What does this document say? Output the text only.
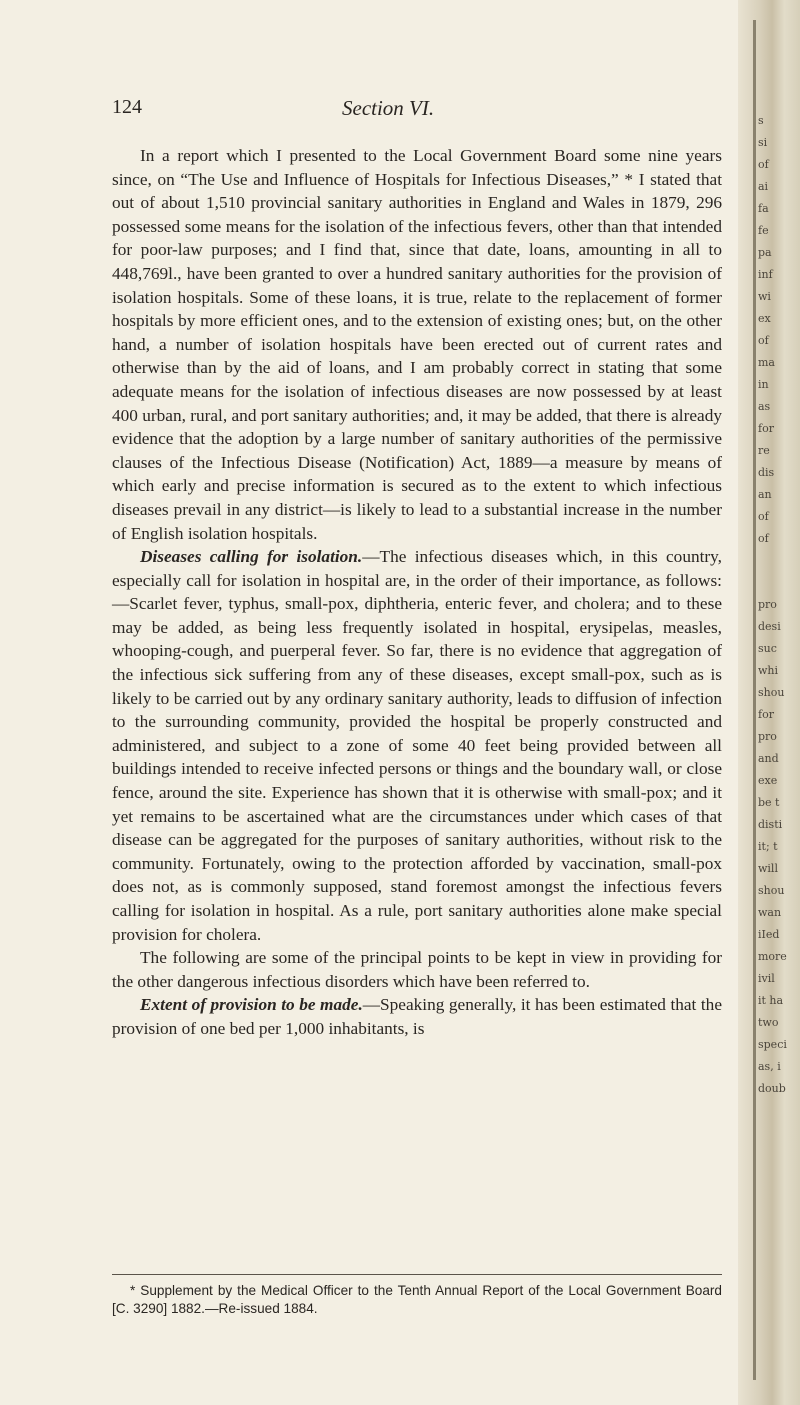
s
si
of
ai
fa
fe
pa
inf
wi
ex
of
ma
in
as
for
re
dis
an
of
of
pro
desi
suc
whi
shou
for
pro
and
exe
be t
disti
it; t
will
shou
wan
iIed
more
ivil
it ha
two
speci
as, i
doub
124	Section VI.

In a report which I presented to the Local Government Board some nine years since, on “The Use and Influence of Hospitals for Infectious Diseases,” * I stated that out of about 1,510 provincial sanitary authorities in England and Wales in 1879, 296 possessed some means for the isolation of the infectious fevers, other than that intended for poor-law purposes; and I find that, since that date, loans, amounting in all to 448,769l., have been granted to over a hundred sanitary authorities for the provision of isolation hospitals. Some of these loans, it is true, relate to the replacement of former hospitals by more efficient ones, and to the extension of existing ones; but, on the other hand, a number of isolation hospitals have been erected out of current rates and otherwise than by the aid of loans, and I am probably correct in stating that some adequate means for the isolation of infectious diseases are now possessed by at least 400 urban, rural, and port sanitary authorities; and, it may be added, that there is already evidence that the adoption by a large number of sanitary authorities of the permissive clauses of the Infectious Disease (Notification) Act, 1889—a measure by means of which early and precise information is secured as to the extent to which infectious diseases prevail in any district—is likely to lead to a substantial increase in the number of English isolation hospitals.

Diseases calling for isolation.—The infectious diseases which, in this country, especially call for isolation in hospital are, in the order of their importance, as follows:—Scarlet fever, typhus, small-pox, diphtheria, enteric fever, and cholera; and to these may be added, as being less frequently isolated in hospital, erysipelas, measles, whooping-cough, and puerperal fever. So far, there is no evidence that aggregation of the infectious sick suffering from any of these diseases, except small-pox, such as is likely to be carried out by any ordinary sanitary authority, leads to diffusion of infection to the surrounding community, provided the hospital be properly constructed and administered, and subject to a zone of some 40 feet being provided between all buildings intended to receive infected persons or things and the boundary wall, or close fence, around the site. Experience has shown that it is otherwise with small-pox; and it yet remains to be ascertained what are the circumstances under which cases of that disease can be aggregated for the purposes of sanitary authorities, without risk to the community. Fortunately, owing to the protection afforded by vaccination, small-pox does not, as is commonly supposed, stand foremost amongst the infectious fevers calling for isolation in hospital. As a rule, port sanitary authorities alone make special provision for cholera.

The following are some of the principal points to be kept in view in providing for the other dangerous infectious disorders which have been referred to.

Extent of provision to be made.—Speaking generally, it has been estimated that the provision of one bed per 1,000 inhabitants, is

* Supplement by the Medical Officer to the Tenth Annual Report of the Local Government Board [C. 3290] 1882.—Re-issued 1884.
